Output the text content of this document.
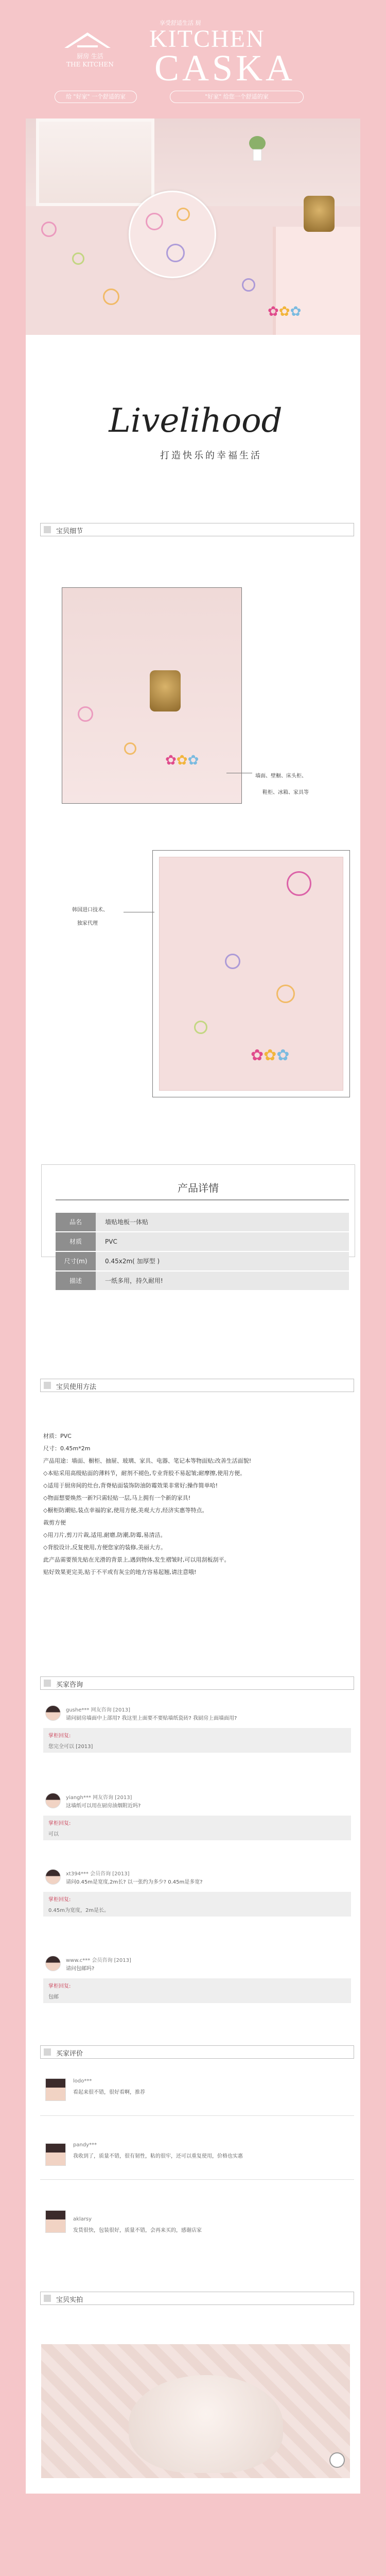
厨房 生活
THE KITCHEN
享受舒适生活 厨
KITCHEN
CASKA
给 "好家" 一个舒适的家	"好家" 给您一个舒适的家
✿✿✿
Livelihood
打造快乐的幸福生活
宝贝细节
✿✿✿
墙面、壁橱、床头柜、
鞋柜、冰箱、家具等
✿✿✿
韩国进口技术、
独家代理
产品详情
品名	墙贴地板一体贴
材质	PVC
尺寸(m)	0.45x2m( 加厚型 )
描述	一纸多用，持久耐用!
宝贝使用方法

材质：PVC

尺寸：0.45m*2m

产品用途：墙面、橱柜、抽屉、玻璃、家具、电器、笔记本等物面贴;改善生活面貌!

◇本贴采用高级贴面的薄料节，耐剂不褪色,专业背胶不易起皱;耐摩擦,使用方便。

◇适用于厨房间的灶台,背脊贴面装饰防油防霉效果非常好;操作简单哈!

◇物面想要焕然一新?只需轻贴一层,马上拥有一个新的家具!

◇橱柜防潮贴,装点幸福的家,使用方便,美观大方,经济实惠等特点。

裁剪方便

◇用刀片,剪刀片裁,适用,耐磨,防潮,防霉,易清洁。

◇背胶设计,反复使用,方便您家的装修,美丽大方。

此产品需要预先贴在光滑的背景上,遇到物体,发生褶皱时,可以用刮板刮平。

贴好效果更完美,贴于不平或有灰尘的地方容易起翘,请注意哦!

买家咨询
gushe*** 网友咨询 [2013]
请问厨房墙面中上部用? 我这里上面要不要贴墙纸瓷砖? 我厨房上面墙面用?
掌柜回复:
您完全可以 [2013]
yiangh*** 网友咨询 [2013]
这墙纸可以用在厨房油烟附近吗?
掌柜回复:
可以
xt394*** 会员咨询 [2013]
请问0.45m是宽度,2m长? 以一张约为多少? 0.45m是多宽?
掌柜回复:
0.45m为宽度，2m是长。
www.c*** 会员咨询 [2013]
请问包邮吗?
掌柜回复:
包邮
买家评价
lodo***
看起来很不错，很好看啊，推荐
pandy***
我收到了，质量不错，很有韧性，粘的很牢，还可以重复使用，价格也实惠
aklarsy
发货很快，包装很好，质量不错，会再来买的，感谢店家
宝贝实拍
